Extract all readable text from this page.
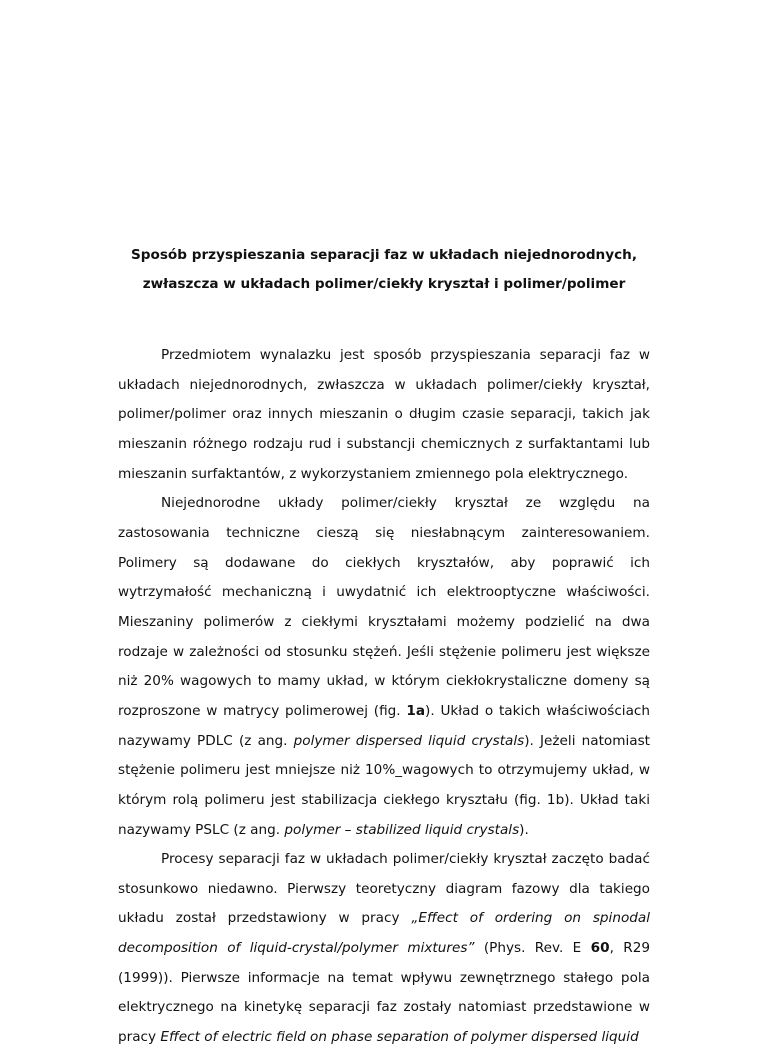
Sposób przyspieszania separacji faz w układach niejednorodnych,
zwłaszcza w układach polimer/ciekły kryształ i polimer/polimer

Przedmiotem wynalazku jest sposób przyspieszania separacji faz w układach niejednorodnych, zwłaszcza w układach polimer/ciekły kryształ, polimer/polimer oraz innych mieszanin o długim czasie separacji, takich jak mieszanin różnego rodzaju rud i substancji chemicznych z surfaktantami lub mieszanin surfaktantów, z wykorzystaniem zmiennego pola elektrycznego.

Niejednorodne układy polimer/ciekły kryształ ze względu na zastosowania techniczne cieszą się niesłabnącym zainteresowaniem. Polimery są dodawane do ciekłych kryształów, aby poprawić ich wytrzymałość mechaniczną i uwydatnić ich elektrooptyczne właściwości. Mieszaniny polimerów z ciekłymi kryształami możemy podzielić na dwa rodzaje w zależności od stosunku stężeń. Jeśli stężenie polimeru jest większe niż 20% wagowych to mamy układ, w którym ciekłokrystaliczne domeny są rozproszone w matrycy polimerowej (fig. 1a). Układ o takich właściwościach nazywamy PDLC (z ang. polymer dispersed liquid crystals). Jeżeli natomiast stężenie polimeru jest mniejsze niż 10%_wagowych to otrzymujemy układ, w którym rolą polimeru jest stabilizacja ciekłego kryształu (fig. 1b). Układ taki nazywamy PSLC (z ang. polymer – stabilized liquid crystals).

Procesy separacji faz w układach polimer/ciekły kryształ zaczęto badać stosunkowo niedawno. Pierwszy teoretyczny diagram fazowy dla takiego układu został przedstawiony w pracy „Effect of ordering on spinodal decomposition of liquid-crystal/polymer mixtures” (Phys. Rev. E 60, R29 (1999)). Pierwsze informacje na temat wpływu zewnętrznego stałego pola elektrycznego na kinetykę separacji faz zostały natomiast przedstawione w pracy Effect of electric field on phase separation of polymer dispersed liquid
